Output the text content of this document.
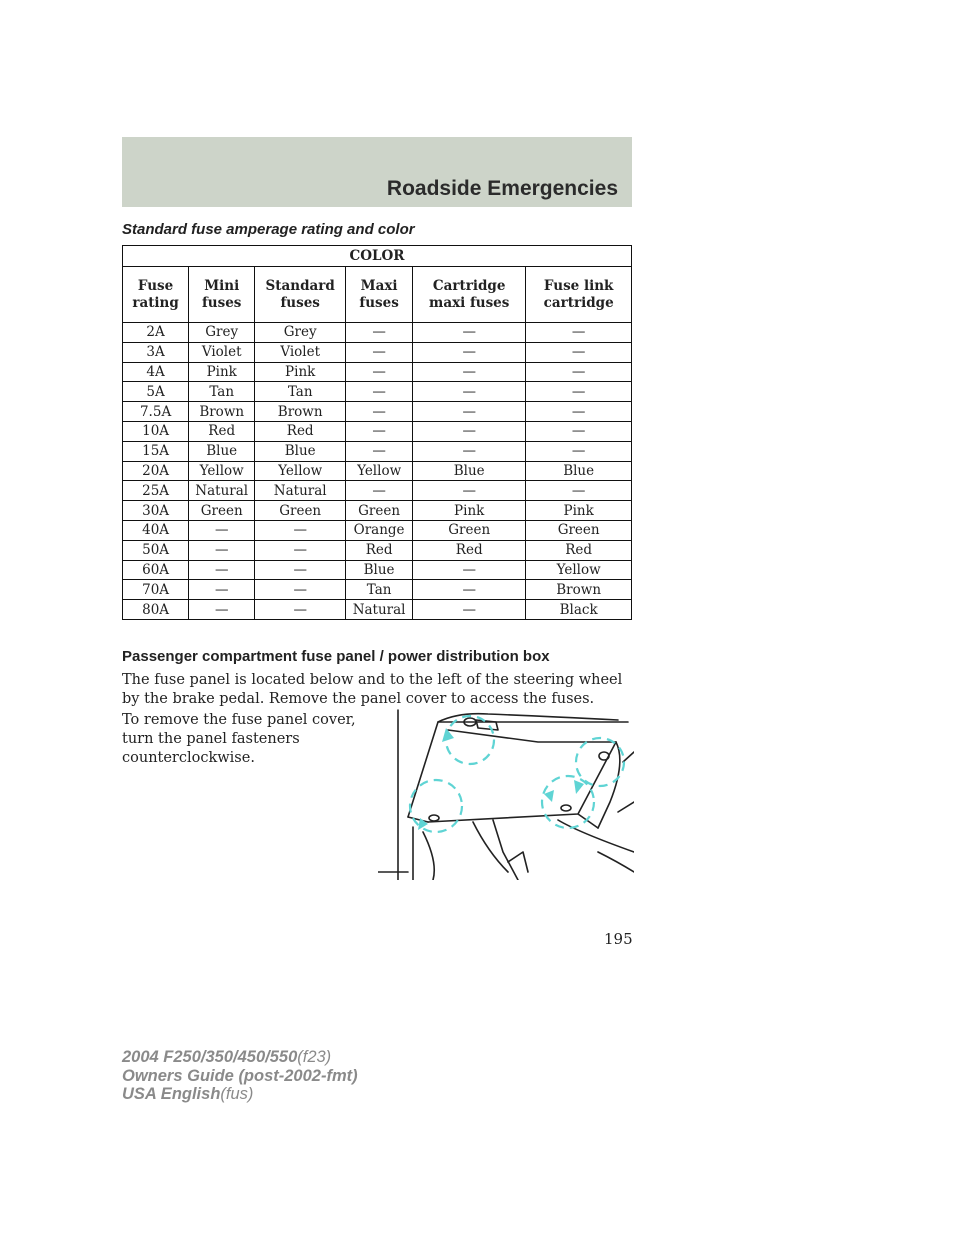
Roadside Emergencies
Standard fuse amperage rating and color
COLOR					
Fuse rating	Mini fuses	Standard fuses	Maxi fuses	Cartridge maxi fuses	Fuse link cartridge
2A	Grey	Grey	—	—	—
3A	Violet	Violet	—	—	—
4A	Pink	Pink	—	—	—
5A	Tan	Tan	—	—	—
7.5A	Brown	Brown	—	—	—
10A	Red	Red	—	—	—
15A	Blue	Blue	—	—	—
20A	Yellow	Yellow	Yellow	Blue	Blue
25A	Natural	Natural	—	—	—
30A	Green	Green	Green	Pink	Pink
40A	—	—	Orange	Green	Green
50A	—	—	Red	Red	Red
60A	—	—	Blue	—	Yellow
70A	—	—	Tan	—	Brown
80A	—	—	Natural	—	Black
Passenger compartment fuse panel / power distribution box
The fuse panel is located below and to the left of the steering wheel by the brake pedal. Remove the panel cover to access the fuses.
To remove the fuse panel cover, turn the panel fasteners counterclockwise.
195
2004 F250/350/450/550(f23)
Owners Guide (post-2002-fmt)
USA English(fus)
